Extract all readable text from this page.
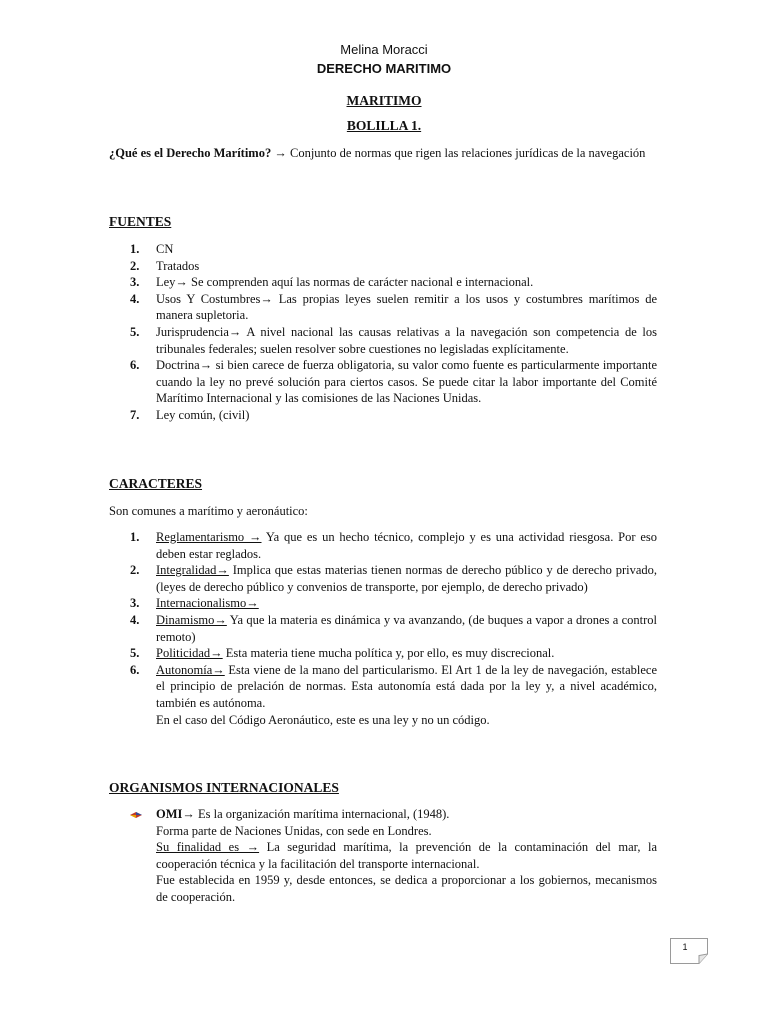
Melina Moracci
DERECHO MARITIMO
MARITIMO
BOLILLA 1.
¿Qué es el Derecho Marítimo? → Conjunto de normas que rigen las relaciones jurídicas de la navegación
FUENTES
1.	CN
2.	Tratados
3.	Ley→ Se comprenden aquí las normas de carácter nacional e internacional.
4.	Usos Y Costumbres→ Las propias leyes suelen remitir a los usos y costumbres marítimos de manera supletoria.
5.	Jurisprudencia→ A nivel nacional las causas relativas a la navegación son competencia de los tribunales federales; suelen resolver sobre cuestiones no legisladas explícitamente.
6.	Doctrina→ si bien carece de fuerza obligatoria, su valor como fuente es particularmente importante cuando la ley no prevé solución para ciertos casos. Se puede citar la labor importante del Comité Marítimo Internacional y las comisiones de las Naciones Unidas.
7.	Ley común, (civil)
CARACTERES
Son comunes a marítimo y aeronáutico:
1.	Reglamentarismo → Ya que es un hecho técnico, complejo y es una actividad riesgosa. Por eso deben estar reglados.
2.	Integralidad→ Implica que estas materias tienen normas de derecho público y de derecho privado, (leyes de derecho público y convenios de transporte, por ejemplo, de derecho privado)
3.	Internacionalismo→
4.	Dinamismo→ Ya que la materia es dinámica y va avanzando, (de buques a vapor a drones a control remoto)
5.	Politicidad→ Esta materia tiene mucha política y, por ello, es muy discrecional.
6.	Autonomía→ Esta viene de la mano del particularismo. El Art 1 de la ley de navegación, establece el principio de prelación de normas. Esta autonomía está dada por la ley y, a nivel académico, también es autónoma.
En el caso del Código Aeronáutico, este es una ley y no un código.
ORGANISMOS INTERNACIONALES
OMI→ Es la organización marítima internacional, (1948).
Forma parte de Naciones Unidas, con sede en Londres.
Su finalidad es → La seguridad marítima, la prevención de la contaminación del mar, la cooperación técnica y la facilitación del transporte internacional.
Fue establecida en 1959 y, desde entonces, se dedica a proporcionar a los gobiernos, mecanismos de cooperación.
1
